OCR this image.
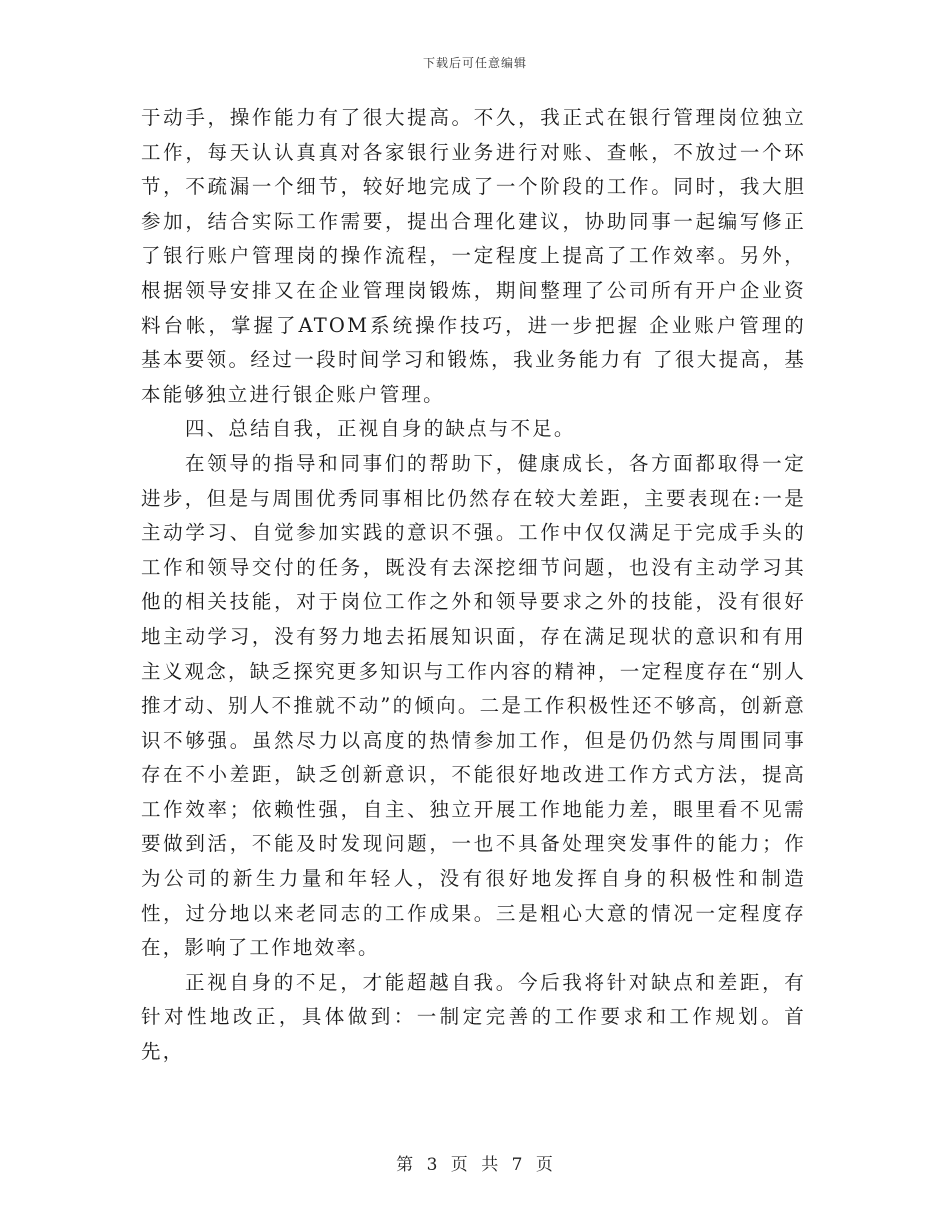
下载后可任意编辑

于动手，操作能力有了很大提高。不久，我正式在银行管理岗位独立工作，每天认认真真对各家银行业务进行对账、查帐，不放过一个环节，不疏漏一个细节，较好地完成了一个阶段的工作。同时，我大胆参加，结合实际工作需要，提出合理化建议，协助同事一起编写修正了银行账户管理岗的操作流程，一定程度上提高了工作效率。另外，根据领导安排又在企业管理岗锻炼，期间整理了公司所有开户企业资料台帐，掌握了ATOM系统操作技巧，进一步把握 企业账户管理的基本要领。经过一段时间学习和锻炼，我业务能力有 了很大提高，基本能够独立进行银企账户管理。

四、总结自我，正视自身的缺点与不足。

在领导的指导和同事们的帮助下，健康成长，各方面都取得一定进步，但是与周围优秀同事相比仍然存在较大差距，主要表现在:一是主动学习、自觉参加实践的意识不强。工作中仅仅满足于完成手头的工作和领导交付的任务，既没有去深挖细节问题，也没有主动学习其他的相关技能，对于岗位工作之外和领导要求之外的技能，没有很好地主动学习，没有努力地去拓展知识面，存在满足现状的意识和有用主义观念，缺乏探究更多知识与工作内容的精神，一定程度存在“别人推才动、别人不推就不动”的倾向。二是工作积极性还不够高，创新意识不够强。虽然尽力以高度的热情参加工作，但是仍仍然与周围同事存在不小差距，缺乏创新意识，不能很好地改进工作方式方法，提高工作效率；依赖性强，自主、独立开展工作地能力差，眼里看不见需要做到活，不能及时发现问题，一也不具备处理突发事件的能力；作为公司的新生力量和年轻人，没有很好地发挥自身的积极性和制造性，过分地以来老同志的工作成果。三是粗心大意的情况一定程度存在，影响了工作地效率。

正视自身的不足，才能超越自我。今后我将针对缺点和差距，有针对性地改正，具体做到：一制定完善的工作要求和工作规划。首先，

第 3 页 共 7 页
